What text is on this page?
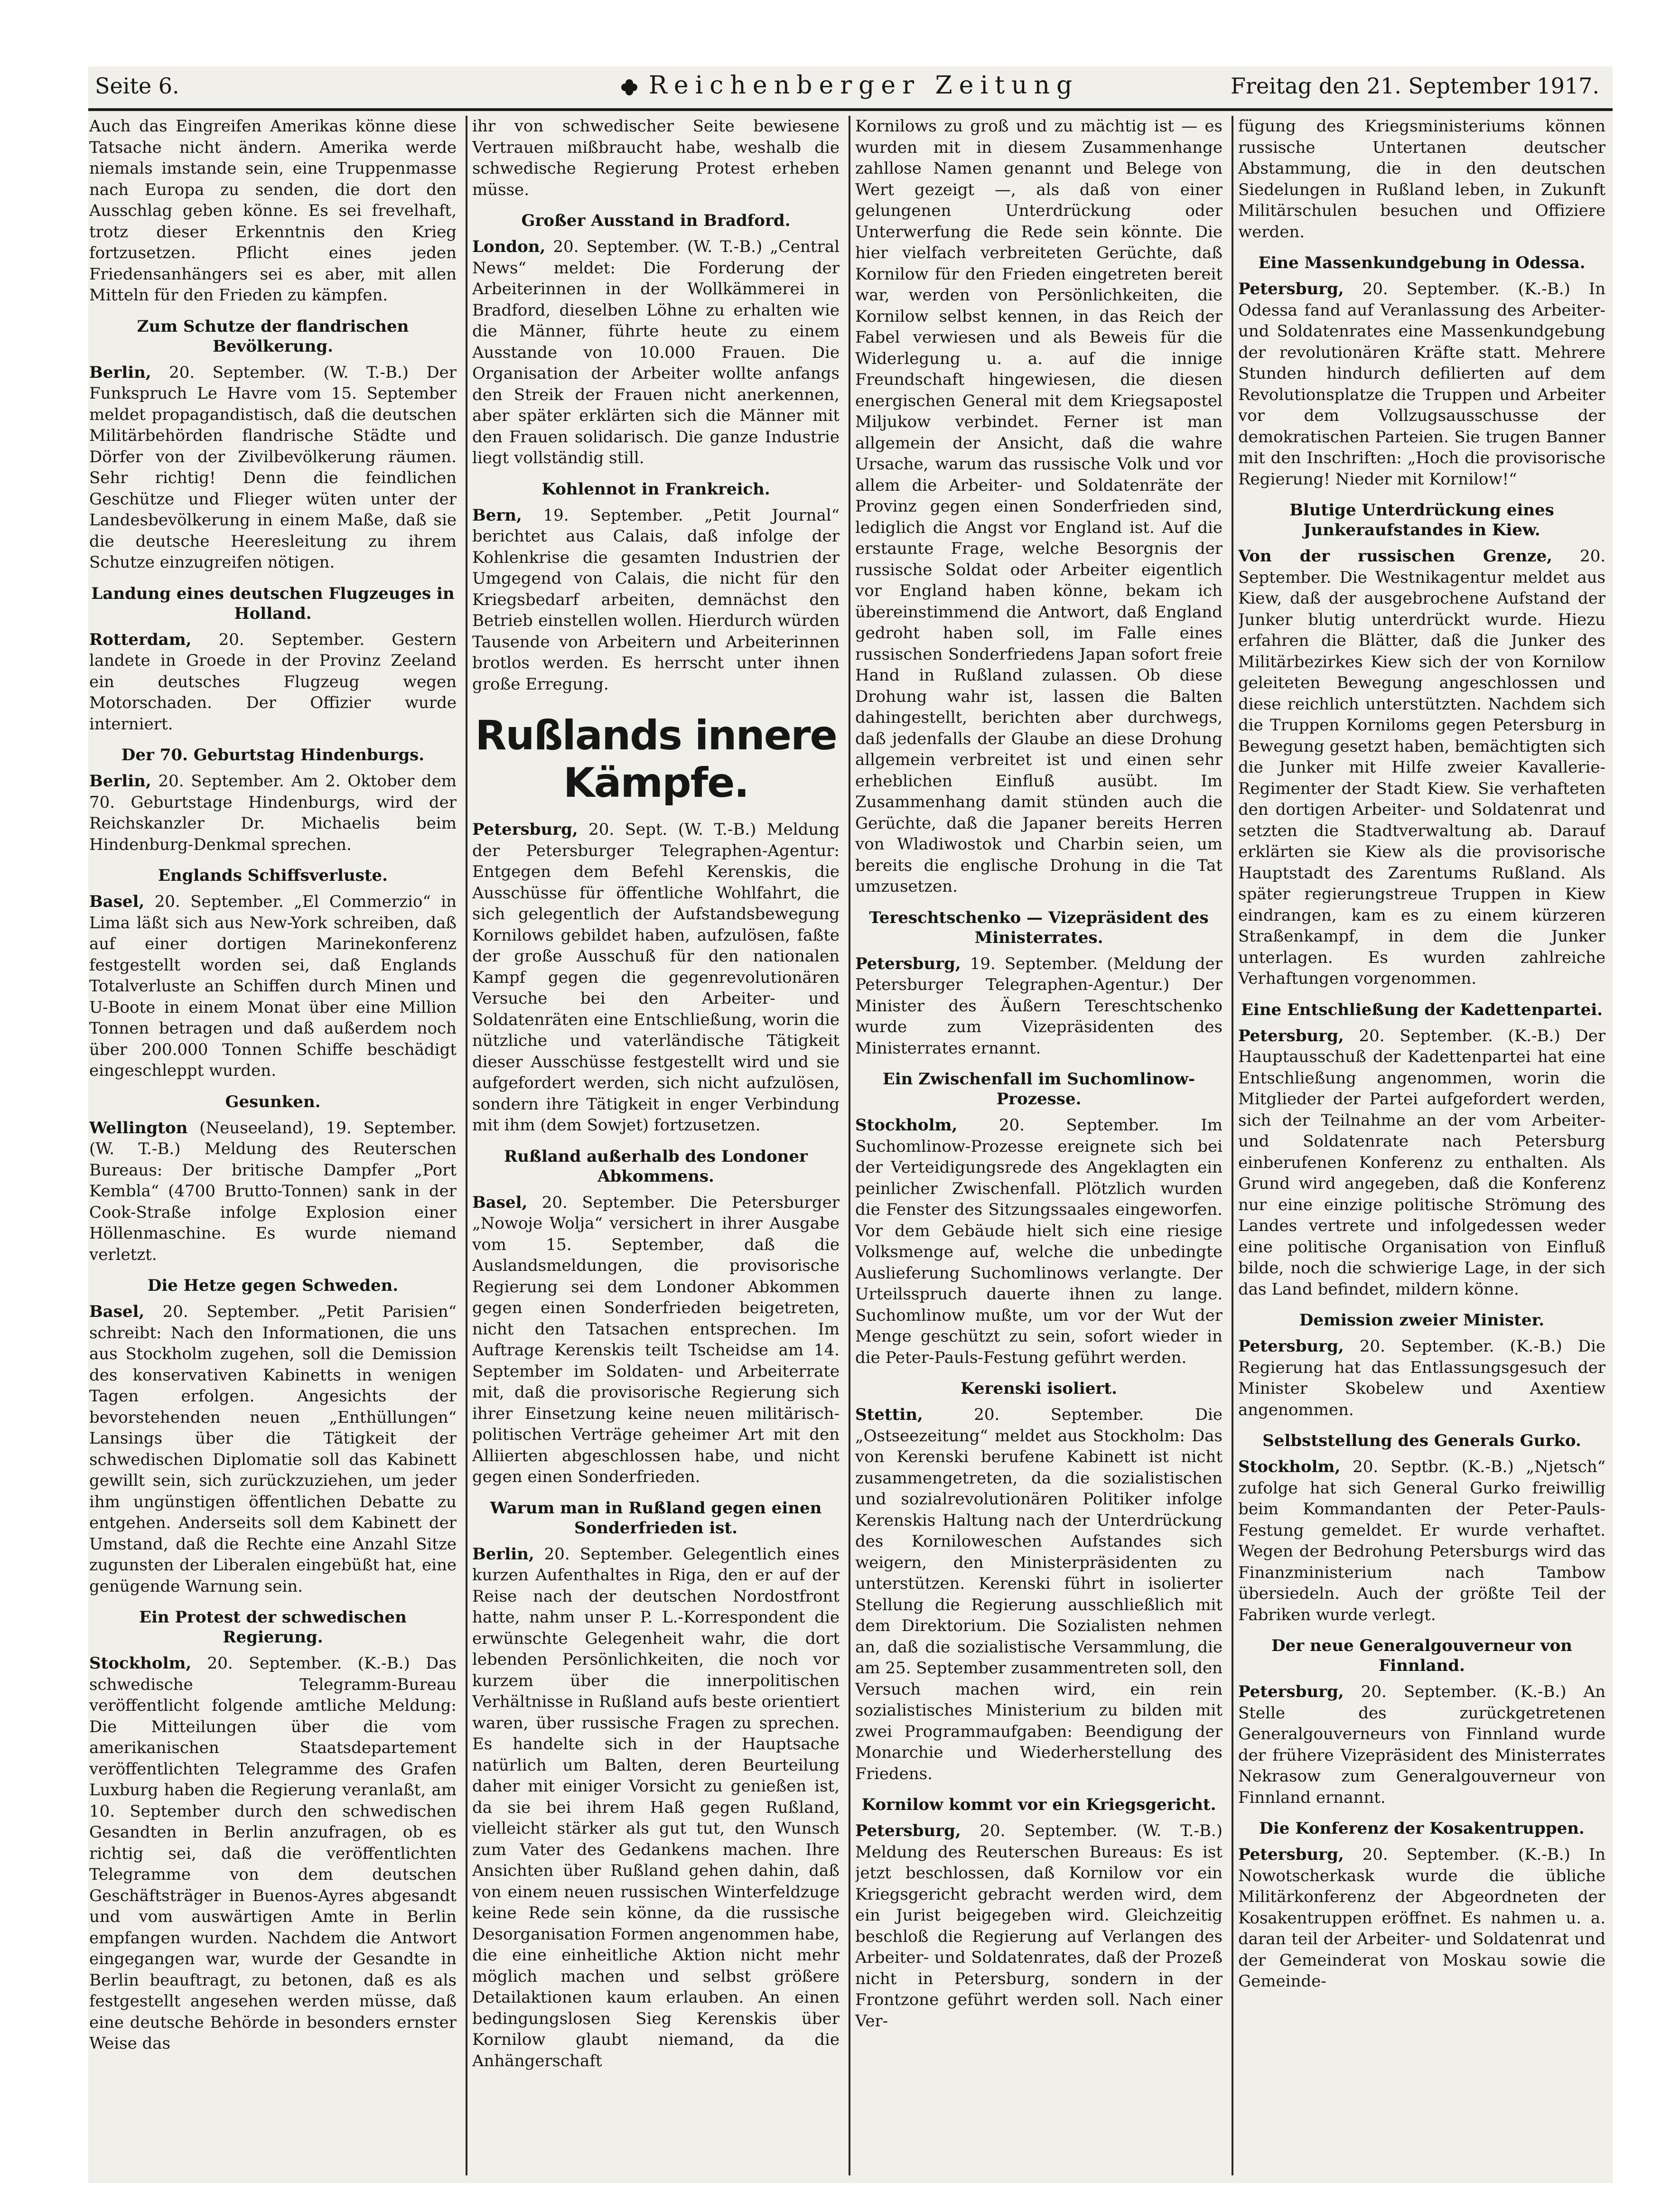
Seite 6.	Reichenberger Zeitung	Freitag den 21. September 1917.

Auch das Eingreifen Amerikas könne diese Tatsache nicht ändern. Amerika werde niemals imstande sein, eine Truppenmasse nach Europa zu senden, die dort den Ausschlag geben könne. Es sei frevelhaft, trotz dieser Erkenntnis den Krieg fortzusetzen. Pflicht eines jeden Friedensanhängers sei es aber, mit allen Mitteln für den Frieden zu kämpfen.

Zum Schutze der flandrischen Bevölkerung.

Berlin, 20. September. (W. T.-B.) Der Funkspruch Le Havre vom 15. September meldet propagandistisch, daß die deutschen Militärbehörden flandrische Städte und Dörfer von der Zivilbevölkerung räumen. Sehr richtig! Denn die feindlichen Geschütze und Flieger wüten unter der Landesbevölkerung in einem Maße, daß sie die deutsche Heeresleitung zu ihrem Schutze einzugreifen nötigen.

Landung eines deutschen Flugzeuges in Holland.

Rotterdam, 20. September. Gestern landete in Groede in der Provinz Zeeland ein deutsches Flugzeug wegen Motorschaden. Der Offizier wurde interniert.

Der 70. Geburtstag Hindenburgs.

Berlin, 20. September. Am 2. Oktober dem 70. Geburtstage Hindenburgs, wird der Reichskanzler Dr. Michaelis beim Hindenburg-Denkmal sprechen.

Englands Schiffsverluste.

Basel, 20. September. „El Commerzio“ in Lima läßt sich aus New-York schreiben, daß auf einer dortigen Marinekonferenz festgestellt worden sei, daß Englands Totalverluste an Schiffen durch Minen und U-Boote in einem Monat über eine Million Tonnen betragen und daß außerdem noch über 200.000 Tonnen Schiffe beschädigt eingeschleppt wurden.

Gesunken.

Wellington (Neuseeland), 19. September. (W. T.-B.) Meldung des Reuterschen Bureaus: Der britische Dampfer „Port Kembla“ (4700 Brutto-Tonnen) sank in der Cook-Straße infolge Explosion einer Höllenmaschine. Es wurde niemand verletzt.

Die Hetze gegen Schweden.

Basel, 20. September. „Petit Parisien“ schreibt: Nach den Informationen, die uns aus Stockholm zugehen, soll die Demission des konservativen Kabinetts in wenigen Tagen erfolgen. Angesichts der bevorstehenden neuen „Enthüllungen“ Lansings über die Tätigkeit der schwedischen Diplomatie soll das Kabinett gewillt sein, sich zurückzuziehen, um jeder ihm ungünstigen öffentlichen Debatte zu entgehen. Anderseits soll dem Kabinett der Umstand, daß die Rechte eine Anzahl Sitze zugunsten der Liberalen eingebüßt hat, eine genügende Warnung sein.

Ein Protest der schwedischen Regierung.

Stockholm, 20. September. (K.-B.) Das schwedische Telegramm-Bureau veröffentlicht folgende amtliche Meldung: Die Mitteilungen über die vom amerikanischen Staatsdepartement veröffentlichten Telegramme des Grafen Luxburg haben die Regierung veranlaßt, am 10. September durch den schwedischen Gesandten in Berlin anzufragen, ob es richtig sei, daß die veröffentlichten Telegramme von dem deutschen Geschäftsträger in Buenos-Ayres abgesandt und vom auswärtigen Amte in Berlin empfangen wurden. Nachdem die Antwort eingegangen war, wurde der Gesandte in Berlin beauftragt, zu betonen, daß es als festgestellt angesehen werden müsse, daß eine deutsche Behörde in besonders ernster Weise das

ihr von schwedischer Seite bewiesene Vertrauen mißbraucht habe, weshalb die schwedische Regierung Protest erheben müsse.

Großer Ausstand in Bradford.

London, 20. September. (W. T.-B.) „Central News“ meldet: Die Forderung der Arbeiterinnen in der Wollkämmerei in Bradford, dieselben Löhne zu erhalten wie die Männer, führte heute zu einem Ausstande von 10.000 Frauen. Die Organisation der Arbeiter wollte anfangs den Streik der Frauen nicht anerkennen, aber später erklärten sich die Männer mit den Frauen solidarisch. Die ganze Industrie liegt vollständig still.

Kohlennot in Frankreich.

Bern, 19. September. „Petit Journal“ berichtet aus Calais, daß infolge der Kohlenkrise die gesamten Industrien der Umgegend von Calais, die nicht für den Kriegsbedarf arbeiten, demnächst den Betrieb einstellen wollen. Hierdurch würden Tausende von Arbeitern und Arbeiterinnen brotlos werden. Es herrscht unter ihnen große Erregung.

Rußlands innere Kämpfe.

Petersburg, 20. Sept. (W. T.-B.) Meldung der Petersburger Telegraphen-Agentur: Entgegen dem Befehl Kerenskis, die Ausschüsse für öffentliche Wohlfahrt, die sich gelegentlich der Aufstandsbewegung Kornilows gebildet haben, aufzulösen, faßte der große Ausschuß für den nationalen Kampf gegen die gegenrevolutionären Versuche bei den Arbeiter- und Soldatenräten eine Entschließung, worin die nützliche und vaterländische Tätigkeit dieser Ausschüsse festgestellt wird und sie aufgefordert werden, sich nicht aufzulösen, sondern ihre Tätigkeit in enger Verbindung mit ihm (dem Sowjet) fortzusetzen.

Rußland außerhalb des Londoner Abkommens.

Basel, 20. September. Die Petersburger „Nowoje Wolja“ versichert in ihrer Ausgabe vom 15. September, daß die Auslandsmeldungen, die provisorische Regierung sei dem Londoner Abkommen gegen einen Sonderfrieden beigetreten, nicht den Tatsachen entsprechen. Im Auftrage Kerenskis teilt Tscheidse am 14. September im Soldaten- und Arbeiterrate mit, daß die provisorische Regierung sich ihrer Einsetzung keine neuen militärisch-politischen Verträge geheimer Art mit den Alliierten abgeschlossen habe, und nicht gegen einen Sonderfrieden.

Warum man in Rußland gegen einen Sonderfrieden ist.

Berlin, 20. September. Gelegentlich eines kurzen Aufenthaltes in Riga, den er auf der Reise nach der deutschen Nordostfront hatte, nahm unser P. L.-Korrespondent die erwünschte Gelegenheit wahr, die dort lebenden Persönlichkeiten, die noch vor kurzem über die innerpolitischen Verhältnisse in Rußland aufs beste orientiert waren, über russische Fragen zu sprechen. Es handelte sich in der Hauptsache natürlich um Balten, deren Beurteilung daher mit einiger Vorsicht zu genießen ist, da sie bei ihrem Haß gegen Rußland, vielleicht stärker als gut tut, den Wunsch zum Vater des Gedankens machen. Ihre Ansichten über Rußland gehen dahin, daß von einem neuen russischen Winterfeldzuge keine Rede sein könne, da die russische Desorganisation Formen angenommen habe, die eine einheitliche Aktion nicht mehr möglich machen und selbst größere Detailaktionen kaum erlauben. An einen bedingungslosen Sieg Kerenskis über Kornilow glaubt niemand, da die Anhängerschaft

Kornilows zu groß und zu mächtig ist — es wurden mit in diesem Zusammenhange zahllose Namen genannt und Belege von Wert gezeigt —, als daß von einer gelungenen Unterdrückung oder Unterwerfung die Rede sein könnte. Die hier vielfach verbreiteten Gerüchte, daß Kornilow für den Frieden eingetreten bereit war, werden von Persönlichkeiten, die Kornilow selbst kennen, in das Reich der Fabel verwiesen und als Beweis für die Widerlegung u. a. auf die innige Freundschaft hingewiesen, die diesen energischen General mit dem Kriegsapostel Miljukow verbindet. Ferner ist man allgemein der Ansicht, daß die wahre Ursache, warum das russische Volk und vor allem die Arbeiter- und Soldatenräte der Provinz gegen einen Sonderfrieden sind, lediglich die Angst vor England ist. Auf die erstaunte Frage, welche Besorgnis der russische Soldat oder Arbeiter eigentlich vor England haben könne, bekam ich übereinstimmend die Antwort, daß England gedroht haben soll, im Falle eines russischen Sonderfriedens Japan sofort freie Hand in Rußland zulassen. Ob diese Drohung wahr ist, lassen die Balten dahingestellt, berichten aber durchwegs, daß jedenfalls der Glaube an diese Drohung allgemein verbreitet ist und einen sehr erheblichen Einfluß ausübt. Im Zusammenhang damit stünden auch die Gerüchte, daß die Japaner bereits Herren von Wladiwostok und Charbin seien, um bereits die englische Drohung in die Tat umzusetzen.

Tereschtschenko — Vizepräsident des Ministerrates.

Petersburg, 19. September. (Meldung der Petersburger Telegraphen-Agentur.) Der Minister des Äußern Tereschtschenko wurde zum Vizepräsidenten des Ministerrates ernannt.

Ein Zwischenfall im Suchomlinow-Prozesse.

Stockholm,	20. September. Im Suchomlinow-Prozesse ereignete sich bei der Verteidigungsrede des Angeklagten ein peinlicher Zwischenfall. Plötzlich wurden die Fenster des Sitzungssaales eingeworfen. Vor dem Gebäude hielt sich eine riesige Volksmenge auf, welche die unbedingte Auslieferung Suchomlinows verlangte. Der Urteilsspruch dauerte ihnen zu lange. Suchomlinow mußte, um vor der Wut der Menge geschützt zu sein, sofort wieder in die Peter-Pauls-Festung geführt werden.

Kerenski isoliert.

Stettin,	20. September. Die „Ostseezeitung“ meldet aus Stockholm: Das von Kerenski berufene Kabinett ist nicht zusammengetreten, da die sozialistischen und sozialrevolutionären Politiker infolge Kerenskis Haltung nach der Unterdrückung des Korniloweschen Aufstandes sich weigern, den Ministerpräsidenten zu unterstützen. Kerenski führt in isolierter Stellung die Regierung ausschließlich mit dem Direktorium. Die Sozialisten nehmen an, daß die sozialistische Versammlung, die am 25. September zusammentreten soll, den Versuch machen wird, ein rein sozialistisches Ministerium zu bilden mit zwei Programmaufgaben: Beendigung der Monarchie und Wiederherstellung des Friedens.

Kornilow kommt vor ein Kriegsgericht.

Petersburg, 20. September. (W. T.-B.) Meldung des Reuterschen Bureaus: Es ist jetzt beschlossen, daß Kornilow vor ein Kriegsgericht gebracht werden wird, dem ein Jurist beigegeben wird. Gleichzeitig beschloß die Regierung auf Verlangen des Arbeiter- und Soldatenrates, daß der Prozeß nicht in Petersburg, sondern in der Frontzone geführt werden soll. Nach einer Ver-

fügung des Kriegsministeriums können russische Untertanen deutscher Abstammung, die in den deutschen Siedelungen in Rußland leben, in Zukunft Militärschulen besuchen und Offiziere werden.

Eine Massenkundgebung in Odessa.

Petersburg, 20. September. (K.-B.) In Odessa fand auf Veranlassung des Arbeiter- und Soldatenrates eine Massenkundgebung der revolutionären Kräfte statt. Mehrere Stunden hindurch defilierten auf dem Revolutionsplatze die Truppen und Arbeiter vor dem Vollzugsausschusse der demokratischen Parteien. Sie trugen Banner mit den Inschriften: „Hoch die provisorische Regierung! Nieder mit Kornilow!“

Blutige Unterdrückung eines Junkeraufstandes in Kiew.

Von der russischen Grenze, 20. September. Die Westnikagentur meldet aus Kiew, daß der ausgebrochene Aufstand der Junker blutig unterdrückt wurde. Hiezu erfahren die Blätter, daß die Junker des Militärbezirkes Kiew sich der von Kornilow geleiteten Bewegung angeschlossen und diese reichlich unterstützten. Nachdem sich die Truppen Korniloms gegen Petersburg in Bewegung gesetzt haben, bemächtigten sich die Junker mit Hilfe zweier Kavallerie-Regimenter der Stadt Kiew. Sie verhafteten den dortigen Arbeiter- und Soldatenrat und setzten die Stadtverwaltung ab. Darauf erklärten sie Kiew als die provisorische Hauptstadt des Zarentums Rußland. Als später regierungstreue Truppen in Kiew eindrangen, kam es zu einem kürzeren Straßenkampf, in dem die Junker unterlagen. Es wurden zahlreiche Verhaftungen vorgenommen.

Eine Entschließung der Kadettenpartei.

Petersburg, 20. September. (K.-B.) Der Hauptausschuß der Kadettenpartei hat eine Entschließung angenommen, worin die Mitglieder der Partei aufgefordert werden, sich der Teilnahme an der vom Arbeiter- und Soldatenrate nach Petersburg einberufenen Konferenz zu enthalten. Als Grund wird angegeben, daß die Konferenz nur eine einzige politische Strömung des Landes vertrete und infolgedessen weder eine politische Organisation von Einfluß bilde, noch die schwierige Lage, in der sich das Land befindet, mildern könne.

Demission zweier Minister.

Petersburg, 20. September. (K.-B.) Die Regierung hat das Entlassungsgesuch der Minister Skobelew und Axentiew angenommen.

Selbststellung des Generals Gurko.

Stockholm, 20. Septbr. (K.-B.) „Njetsch“ zufolge hat sich General Gurko freiwillig beim Kommandanten der Peter-Pauls-Festung gemeldet. Er wurde verhaftet. Wegen der Bedrohung Petersburgs wird das Finanzministerium nach Tambow übersiedeln. Auch der größte Teil der Fabriken wurde verlegt.

Der neue Generalgouverneur von Finnland.

Petersburg, 20. September. (K.-B.) An Stelle des zurückgetretenen Generalgouverneurs von Finnland wurde der frühere Vizepräsident des Ministerrates Nekrasow zum Generalgouverneur von Finnland ernannt.

Die Konferenz der Kosakentruppen.

Petersburg, 20. September. (K.-B.) In Nowotscherkask wurde die übliche Militärkonferenz der Abgeordneten der Kosakentruppen eröffnet. Es nahmen u. a. daran teil der Arbeiter- und Soldatenrat und der Gemeinderat von Moskau sowie die Gemeinde-
